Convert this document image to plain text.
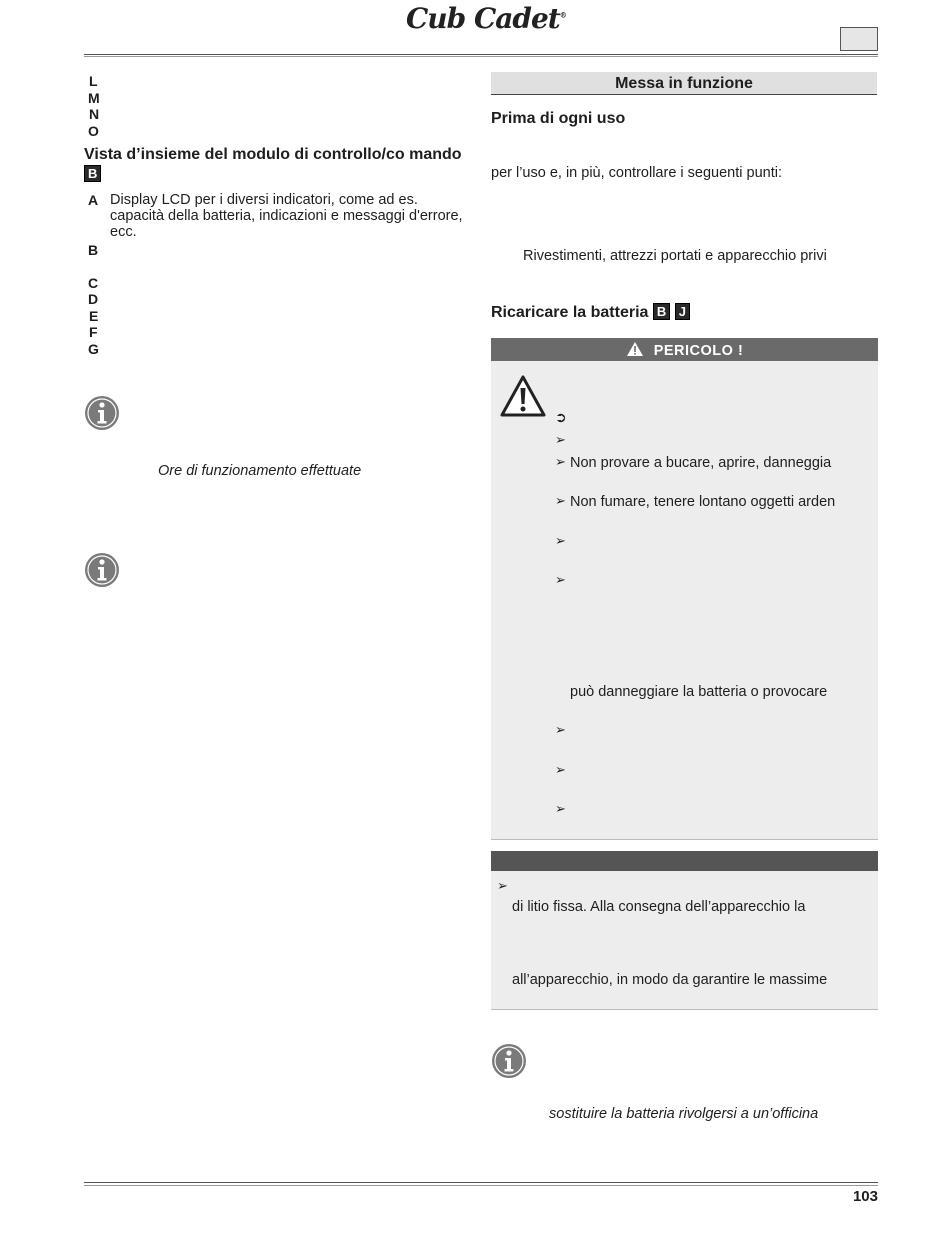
Cub Cadet®
L
M
N
O
Vista d’insieme del modulo di controllo/co mando B
A Display LCD per i diversi indicatori, come ad es. capacità della batteria, indicazioni e messaggi d'errore, ecc.
B
C
D
E
F
G
Ore di funzionamento effettuate
Messa in funzione
Prima di ogni uso
per l’uso e, in più, controllare i seguenti punti:
Rivestimenti, attrezzi portati e apparecchio privi
Ricaricare la batteria B J
PERICOLO !
➲
➢
➢ Non provare a bucare, aprire, danneggia
➢ Non fumare, tenere lontano oggetti arden
➢
➢
può danneggiare la batteria o provocare
➢
➢
➢
➢
di litio fissa. Alla consegna dell’apparecchio la
all’apparecchio, in modo da garantire le massime
sostituire la batteria rivolgersi a un’officina
103
